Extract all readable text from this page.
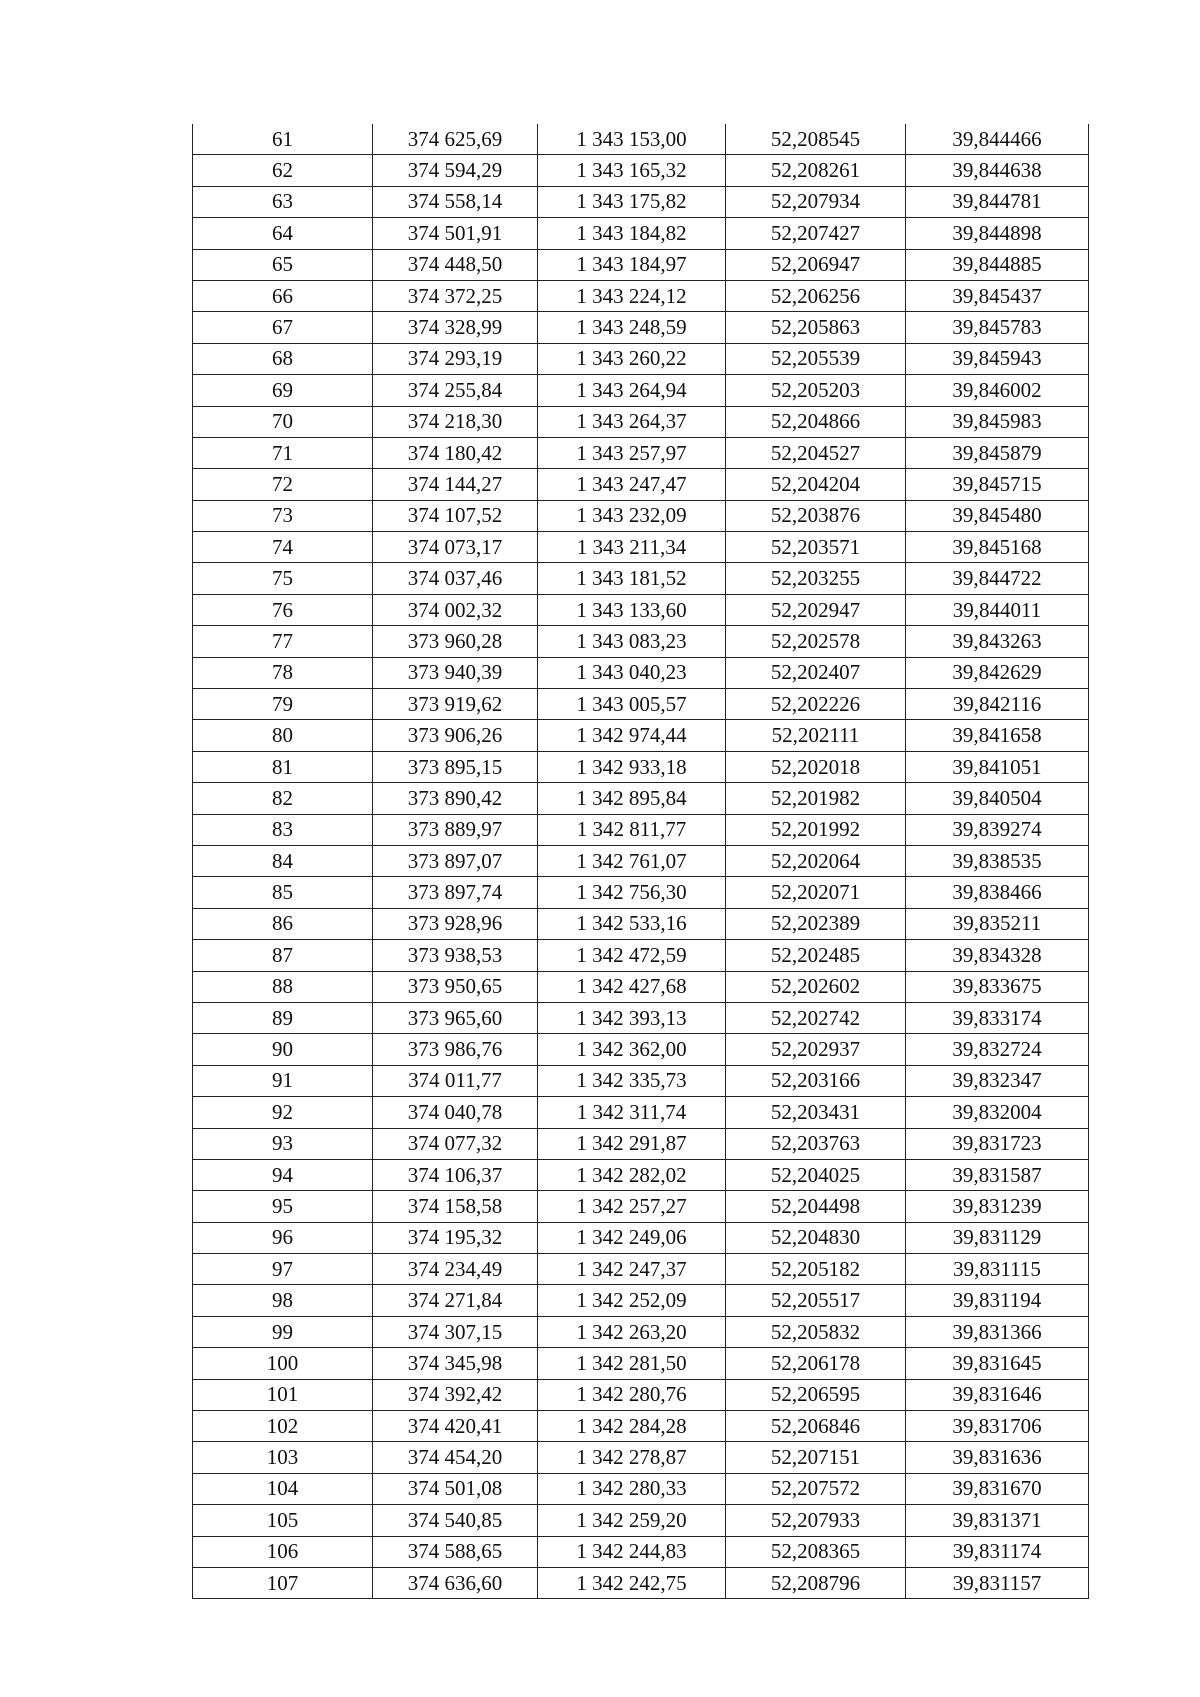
61	374 625,69	1 343 153,00	52,208545	39,844466
62	374 594,29	1 343 165,32	52,208261	39,844638
63	374 558,14	1 343 175,82	52,207934	39,844781
64	374 501,91	1 343 184,82	52,207427	39,844898
65	374 448,50	1 343 184,97	52,206947	39,844885
66	374 372,25	1 343 224,12	52,206256	39,845437
67	374 328,99	1 343 248,59	52,205863	39,845783
68	374 293,19	1 343 260,22	52,205539	39,845943
69	374 255,84	1 343 264,94	52,205203	39,846002
70	374 218,30	1 343 264,37	52,204866	39,845983
71	374 180,42	1 343 257,97	52,204527	39,845879
72	374 144,27	1 343 247,47	52,204204	39,845715
73	374 107,52	1 343 232,09	52,203876	39,845480
74	374 073,17	1 343 211,34	52,203571	39,845168
75	374 037,46	1 343 181,52	52,203255	39,844722
76	374 002,32	1 343 133,60	52,202947	39,844011
77	373 960,28	1 343 083,23	52,202578	39,843263
78	373 940,39	1 343 040,23	52,202407	39,842629
79	373 919,62	1 343 005,57	52,202226	39,842116
80	373 906,26	1 342 974,44	52,202111	39,841658
81	373 895,15	1 342 933,18	52,202018	39,841051
82	373 890,42	1 342 895,84	52,201982	39,840504
83	373 889,97	1 342 811,77	52,201992	39,839274
84	373 897,07	1 342 761,07	52,202064	39,838535
85	373 897,74	1 342 756,30	52,202071	39,838466
86	373 928,96	1 342 533,16	52,202389	39,835211
87	373 938,53	1 342 472,59	52,202485	39,834328
88	373 950,65	1 342 427,68	52,202602	39,833675
89	373 965,60	1 342 393,13	52,202742	39,833174
90	373 986,76	1 342 362,00	52,202937	39,832724
91	374 011,77	1 342 335,73	52,203166	39,832347
92	374 040,78	1 342 311,74	52,203431	39,832004
93	374 077,32	1 342 291,87	52,203763	39,831723
94	374 106,37	1 342 282,02	52,204025	39,831587
95	374 158,58	1 342 257,27	52,204498	39,831239
96	374 195,32	1 342 249,06	52,204830	39,831129
97	374 234,49	1 342 247,37	52,205182	39,831115
98	374 271,84	1 342 252,09	52,205517	39,831194
99	374 307,15	1 342 263,20	52,205832	39,831366
100	374 345,98	1 342 281,50	52,206178	39,831645
101	374 392,42	1 342 280,76	52,206595	39,831646
102	374 420,41	1 342 284,28	52,206846	39,831706
103	374 454,20	1 342 278,87	52,207151	39,831636
104	374 501,08	1 342 280,33	52,207572	39,831670
105	374 540,85	1 342 259,20	52,207933	39,831371
106	374 588,65	1 342 244,83	52,208365	39,831174
107	374 636,60	1 342 242,75	52,208796	39,831157
